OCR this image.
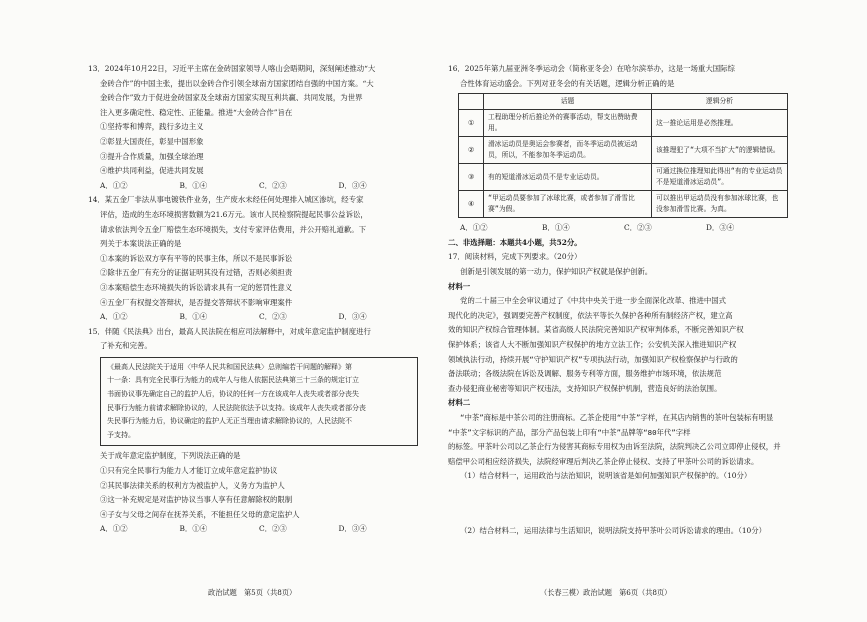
13．2024年10月22日，习近平主席在金砖国家领导人喀山会晤期间，深刻阐述推动“大
金砖合作”的中国主张，提出以金砖合作引领全球南方国家团结自强的中国方案。“大
金砖合作”致力于促进金砖国家及全球南方国家实现互利共赢、共同发展，为世界
注入更多确定性、稳定性、正能量。推进“大金砖合作”旨在
①坚持零和博弈，践行多边主义
②彰显大国责任，彰显中国形象
③提升合作质量，加强全球治理
④维护共同利益，促进共同发展
A．①②	B．①④	C．②③	D．③④
14．某五金厂非法从事电镀铁件业务，生产废水未经任何处理排入城区渗坑，经专家
评估，造成的生态环境损害数额为21.6万元。该市人民检察院提起民事公益诉讼，
请求依法判令五金厂赔偿生态环境损失，支付专家评估费用，并公开赔礼道歉。下
列关于本案说法正确的是
①本案的诉讼双方享有平等的民事主体，所以不是民事诉讼
②除非五金厂有充分的证据证明其没有过错，否则必须担责
③本案赔偿生态环境损失的诉讼请求具有一定的惩罚性意义
④五金厂有权提交答辩状，是否提交答辩状不影响审理案件
A．①②	B．①④	C．②③	D．③④
15．伴随《民法典》出台，最高人民法院在相应司法解释中，对成年意定监护制度进行
了补充和完善。
《最高人民法院关于适用〈中华人民共和国民法典〉总则编若干问题的解释》第
十一条：具有完全民事行为能力的成年人与他人依据民法典第三十三条的规定订立
书面协议事先确定自己的监护人后，协议的任何一方在该成年人丧失或者部分丧失
民事行为能力前请求解除协议的，人民法院依法予以支持。该成年人丧失或者部分丧
失民事行为能力后，协议确定的监护人无正当理由请求解除协议的，人民法院不
予支持。
关于成年意定监护制度，下列说法正确的是
①只有完全民事行为能力人才能订立成年意定监护协议
②其民事法律关系的权利方为被监护人，义务方为监护人
③这一补充规定是对监护协议当事人享有任意解除权的限制
④子女与父母之间存在抚养关系，不能担任父母的意定监护人
A．①②	B．①④	C．②③	D．③④
16．2025年第九届亚洲冬季运动会（简称亚冬会）在哈尔滨举办，这是一场重大国际综
合性体育运动盛会。下列对亚冬会的有关话题，逻辑分析正确的是
	话题	逻辑分析
①	工程助理分析后推论外的赛事活动，帮支出赞助费用。	这一推论运用是必然推理。
②	滑冰运动员是奥运会参赛者，而冬季运动员被运动员，所以，不能参加冬季运动员。	该推理犯了“大项不当扩大”的逻辑错误。
③	有的短道滑冰运动员不是专业运动员。	可通过换位推理知此得出“有的专业运动员不是短道滑冰运动员”。
④	“甲运动员要参加了冰球比赛，或者参加了滑雪比赛”为假。	可以推出甲运动员没有参加冰球比赛，也没参加滑雪比赛。为真。
A．①②	B．①④	C．②③	D．③④
二、非选择题：本题共4小题，共52分。
17．阅读材料，完成下列要求。（20分）
创新是引领发展的第一动力，保护知识产权就是保护创新。
材料一
党的二十届三中全会审议通过了《中共中央关于进一步全面深化改革、推进中国式
现代化的决定》，强调要完善产权制度，依法平等长久保护各种所有制经济产权，建立高
效的知识产权综合管理体制。某省高级人民法院完善知识产权审判体系，不断完善知识产权
保护体系；该省人大不断加强知识产权保护的地方立法工作；公安机关深入推进知识产权
领域执法行动，持续开展“守护知识产权”专项执法行动，加强知识产权检察保护与行政的
备法联动；各级法院在诉讼及调解、服务专利等方面，服务维护市场环境，依法规范
查办侵犯商业秘密等知识产权违法，支持知识产权保护机制，营造良好的法治氛围。
材料二
“中茶”商标是中茶公司的注册商标。乙茶企使用“中茶”字样，在其店内销售的茶叶包装标有明显
“中茶”文字标识的产品，部分产品包装上印有“中茶”品牌等“80年代”字样
的标签。甲茶叶公司以乙茶企行为侵害其商标专用权为由诉至法院，法院判决乙公司立即停止侵权，并
赔偿甲公司相应经济损失，法院经审理后判决乙茶企停止侵权、支持了甲茶叶公司的诉讼请求。
（1）结合材料一，运用政治与法治知识，说明该省是如何加强知识产权保护的。（10分）
（2）结合材料二，运用法律与生活知识，说明法院支持甲茶叶公司诉讼请求的理由。（10分）
政治试题　第5页（共8页）	（长春三模）政治试题　第6页（共8页）
